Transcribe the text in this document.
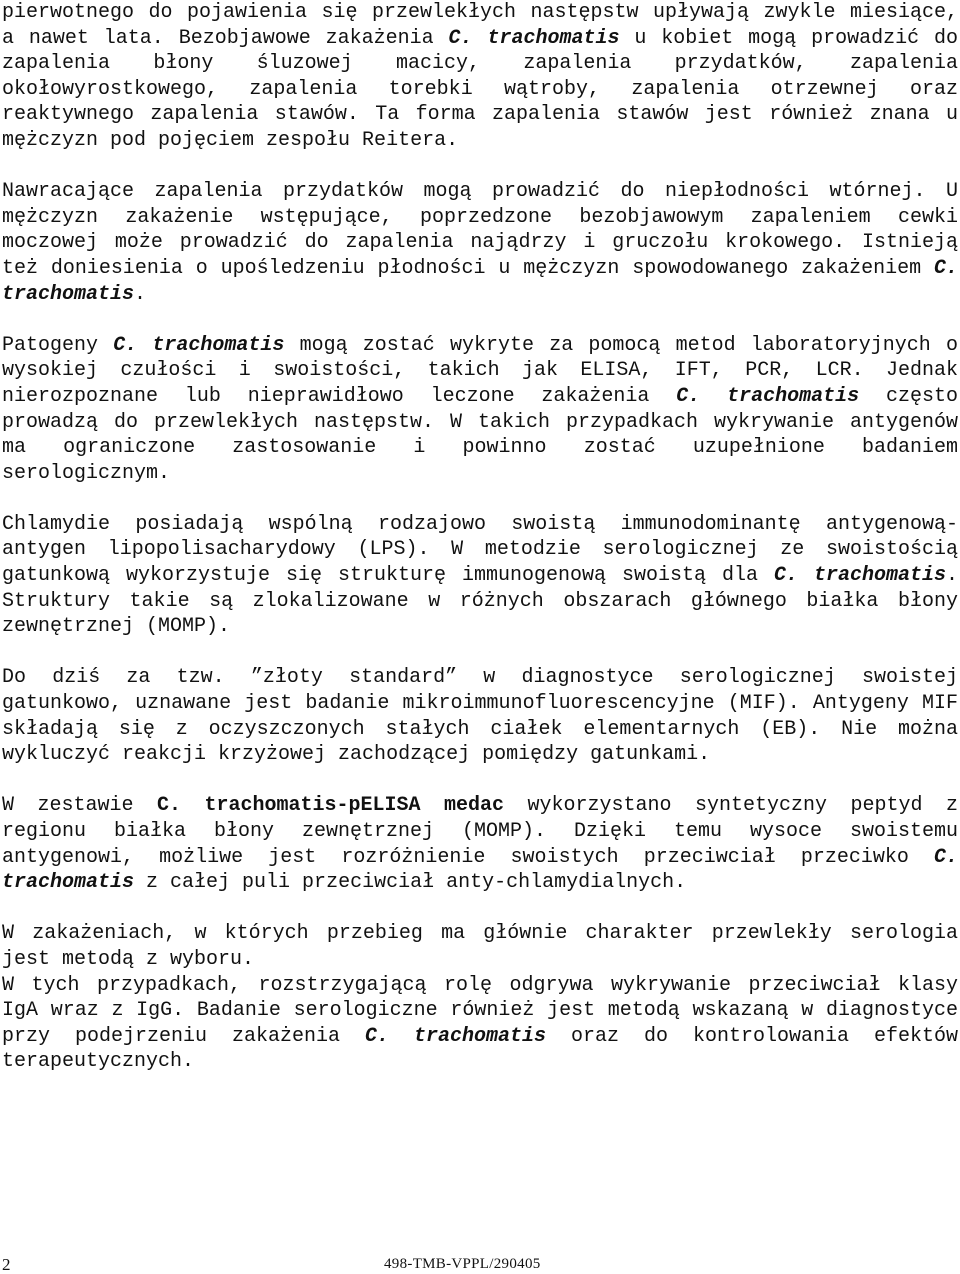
pierwotnego do pojawienia się przewlekłych następstw upływają zwykle miesiące, a nawet lata. Bezobjawowe zakażenia C. trachomatis u kobiet mogą prowadzić do zapalenia błony śluzowej macicy, zapalenia przydatków, zapalenia okołowyrostkowego, zapalenia torebki wątroby, zapalenia otrzewnej oraz reaktywnego zapalenia stawów. Ta forma zapalenia stawów jest również znana u mężczyzn pod pojęciem zespołu Reitera.

Nawracające zapalenia przydatków mogą prowadzić do niepłodności wtórnej. U mężczyzn zakażenie wstępujące, poprzedzone bezobjawowym zapaleniem cewki moczowej może prowadzić do zapalenia najądrzy i gruczołu krokowego. Istnieją też doniesienia o upośledzeniu płodności u mężczyzn spowodowanego zakażeniem C. trachomatis.

Patogeny C. trachomatis mogą zostać wykryte za pomocą metod laboratoryjnych o wysokiej czułości i swoistości, takich jak ELISA, IFT, PCR, LCR. Jednak nierozpoznane lub nieprawidłowo leczone zakażenia C. trachomatis często prowadzą do przewlekłych następstw. W takich przypadkach wykrywanie antygenów ma ograniczone zastosowanie i powinno zostać uzupełnione badaniem serologicznym.

Chlamydie posiadają wspólną rodzajowo swoistą immunodominantę antygenową- antygen lipopolisacharydowy (LPS). W metodzie serologicznej ze swoistością gatunkową wykorzystuje się strukturę immunogenową swoistą dla C. trachomatis. Struktury takie są zlokalizowane w różnych obszarach głównego białka błony zewnętrznej (MOMP).

Do dziś za tzw. ”złoty standard” w diagnostyce serologicznej swoistej gatunkowo, uznawane jest badanie mikroimmunofluorescencyjne (MIF). Antygeny MIF składają się z oczyszczonych stałych ciałek elementarnych (EB). Nie można wykluczyć reakcji krzyżowej zachodzącej pomiędzy gatunkami.

W zestawie C. trachomatis-pELISA medac wykorzystano syntetyczny peptyd z regionu białka błony zewnętrznej (MOMP). Dzięki temu wysoce swoistemu antygenowi, możliwe jest rozróżnienie swoistych przeciwciał przeciwko C. trachomatis z całej puli przeciwciał anty-chlamydialnych.

W zakażeniach, w których przebieg ma głównie charakter przewlekły serologia jest metodą z wyboru.

W tych przypadkach, rozstrzygającą rolę odgrywa wykrywanie przeciwciał klasy IgA wraz z IgG. Badanie serologiczne również jest metodą wskazaną w diagnostyce przy podejrzeniu zakażenia C. trachomatis oraz do kontrolowania efektów terapeutycznych.

2	498-TMB-VPPL/290405
